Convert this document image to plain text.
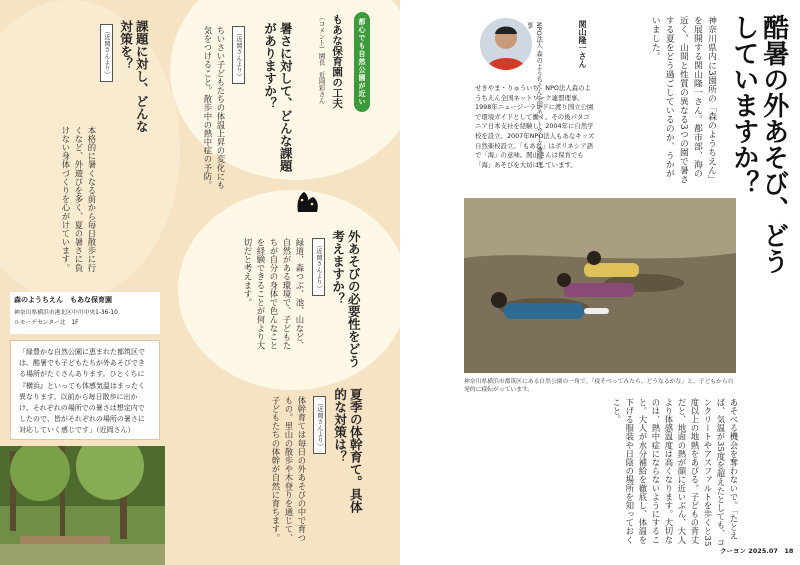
都心でも自然公園が近い

もあな保育園の工夫

（コメント）園長　近岡彩さん

暑さに対して、どんな課題がありますか？

（近岡さんより）

ちいさい子どもたちの体温上昇の変化にも気をつけること。散歩中の熱中症の予防。

外あそびの必要性をどう考えますか？

（近岡さんより）

緑道、森つぶ、池、山など、自然がある環境で、子どもたちが自分の身体で色んなことを経験できることが何より大切だと考えます。

課題に対し、どんな対策を？

（近岡さんより）

本格的に暑くなる前から毎日散歩に行くなど、外遊びを多く、夏の暑さに負けない身体づくりを心がけています。

森のようちえん　もあな保育園
神奈川県横浜市港北区中川中央1-36-10
ルモーデセンター北　1F
「緑豊かな自然公園に恵まれた都筑区では、酷暑でも子どもたちが外あそびできる場所がたくさんあります。ひとくちに『横浜』といっても体感気温はまったく異なります。以前から毎日散歩に出かけ、それぞれの場所での暑さは想定内でしたので、皆がそれぞれの場所の暑さに対応していく感じです」（近岡さん）	夏季の体幹育て。具体的な対策は？

（近岡さんより）

体幹育ては毎日の外あそびの中で育つもの。里山の散歩や木登りを通じて、子どもたちの体幹が自然に育ちます。

酷暑の外あそび、どうしていますか？

神奈川県内に3園所の「森のようちえん」を展開する関山隆一さん。都市部、海の近く、山間と性質の異なる3つの園で暑さする夏をどう過ごしているのか、うかがいました。

関山隆一さん

NPO法人 森のようちえん全国ネットワーク連盟 理事

せきやま・りゅういち　NPO法人森のようちえん全国ネットワーク連盟理事。1998年ニュージーランドに渡り国立公園で環境ガイドとして働く。その後パタゴニア日本支社を経験し、2004年に自然学校を設立。2007年NPO法人もあなキッズ自然楽校設立。「もあな」はポリネシア語で「海」の意味。関山さんは保育でも「海」あそびを大切にしています。

神奈川県横浜市都筑区にある自然公園の一角で。「寝そべってみたら、どうなるかな」と、子どもから自発的に寝転がっています。

あそべる機会を奪わないで。「たとえば、気温が35度を超えたとしても、コンクリートやアスファルトを歩くと35度以上の地熱をあびる。子どもの背丈だと、地面の熱が顔に近いぶん、大人より体感温度は高くなります。大切なのは、熱中症にならないようにすること。大人が水分補給を徹底し、体温を下げる服装や日陰の場所を知っておくこと。

クーヨン 2025.07　18
